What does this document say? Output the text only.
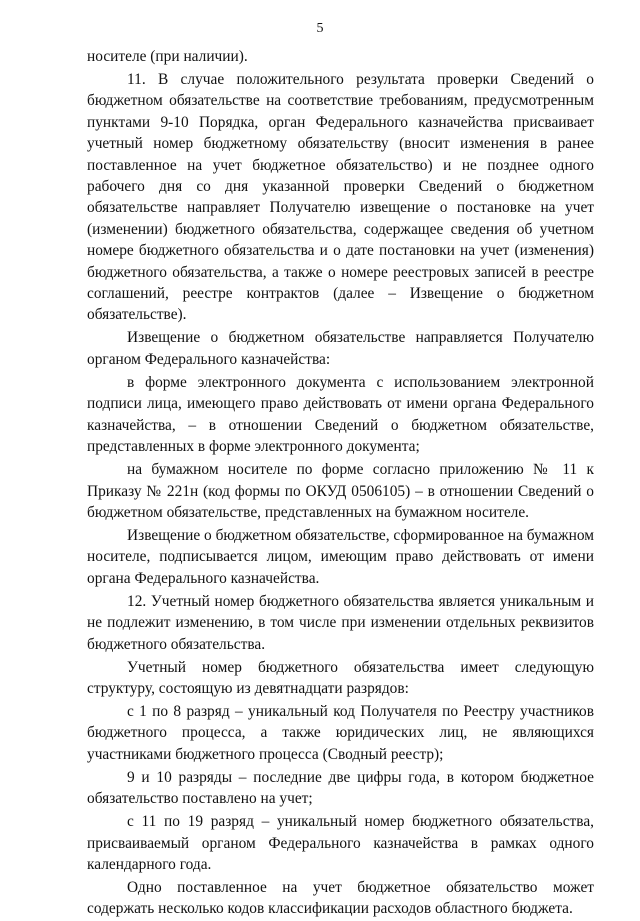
5

носителе (при наличии).

11. В случае положительного результата проверки Сведений о бюджетном обязательстве на соответствие требованиям, предусмотренным пунктами 9-10 Порядка, орган Федерального казначейства присваивает учетный номер бюджетному обязательству (вносит изменения в ранее поставленное на учет бюджетное обязательство) и не позднее одного рабочего дня со дня указанной проверки Сведений о бюджетном обязательстве направляет Получателю извещение о постановке на учет (изменении) бюджетного обязательства, содержащее сведения об учетном номере бюджетного обязательства и о дате постановки на учет (изменения) бюджетного обязательства, а также о номере реестровых записей в реестре соглашений, реестре контрактов (далее – Извещение о бюджетном обязательстве).

Извещение о бюджетном обязательстве направляется Получателю органом Федерального казначейства:

в форме электронного документа с использованием электронной подписи лица, имеющего право действовать от имени органа Федерального казначейства, – в отношении Сведений о бюджетном обязательстве, представленных в форме электронного документа;

на бумажном носителе по форме согласно приложению № 11 к Приказу № 221н (код формы по ОКУД 0506105) – в отношении Сведений о бюджетном обязательстве, представленных на бумажном носителе.

Извещение о бюджетном обязательстве, сформированное на бумажном носителе, подписывается лицом, имеющим право действовать от имени органа Федерального казначейства.

12. Учетный номер бюджетного обязательства является уникальным и не подлежит изменению, в том числе при изменении отдельных реквизитов бюджетного обязательства.

Учетный номер бюджетного обязательства имеет следующую структуру, состоящую из девятнадцати разрядов:

с 1 по 8 разряд – уникальный код Получателя по Реестру участников бюджетного процесса, а также юридических лиц, не являющихся участниками бюджетного процесса (Сводный реестр);

9 и 10 разряды – последние две цифры года, в котором бюджетное обязательство поставлено на учет;

с 11 по 19 разряд – уникальный номер бюджетного обязательства, присваиваемый органом Федерального казначейства в рамках одного календарного года.

Одно поставленное на учет бюджетное обязательство может содержать несколько кодов классификации расходов областного бюджета.
